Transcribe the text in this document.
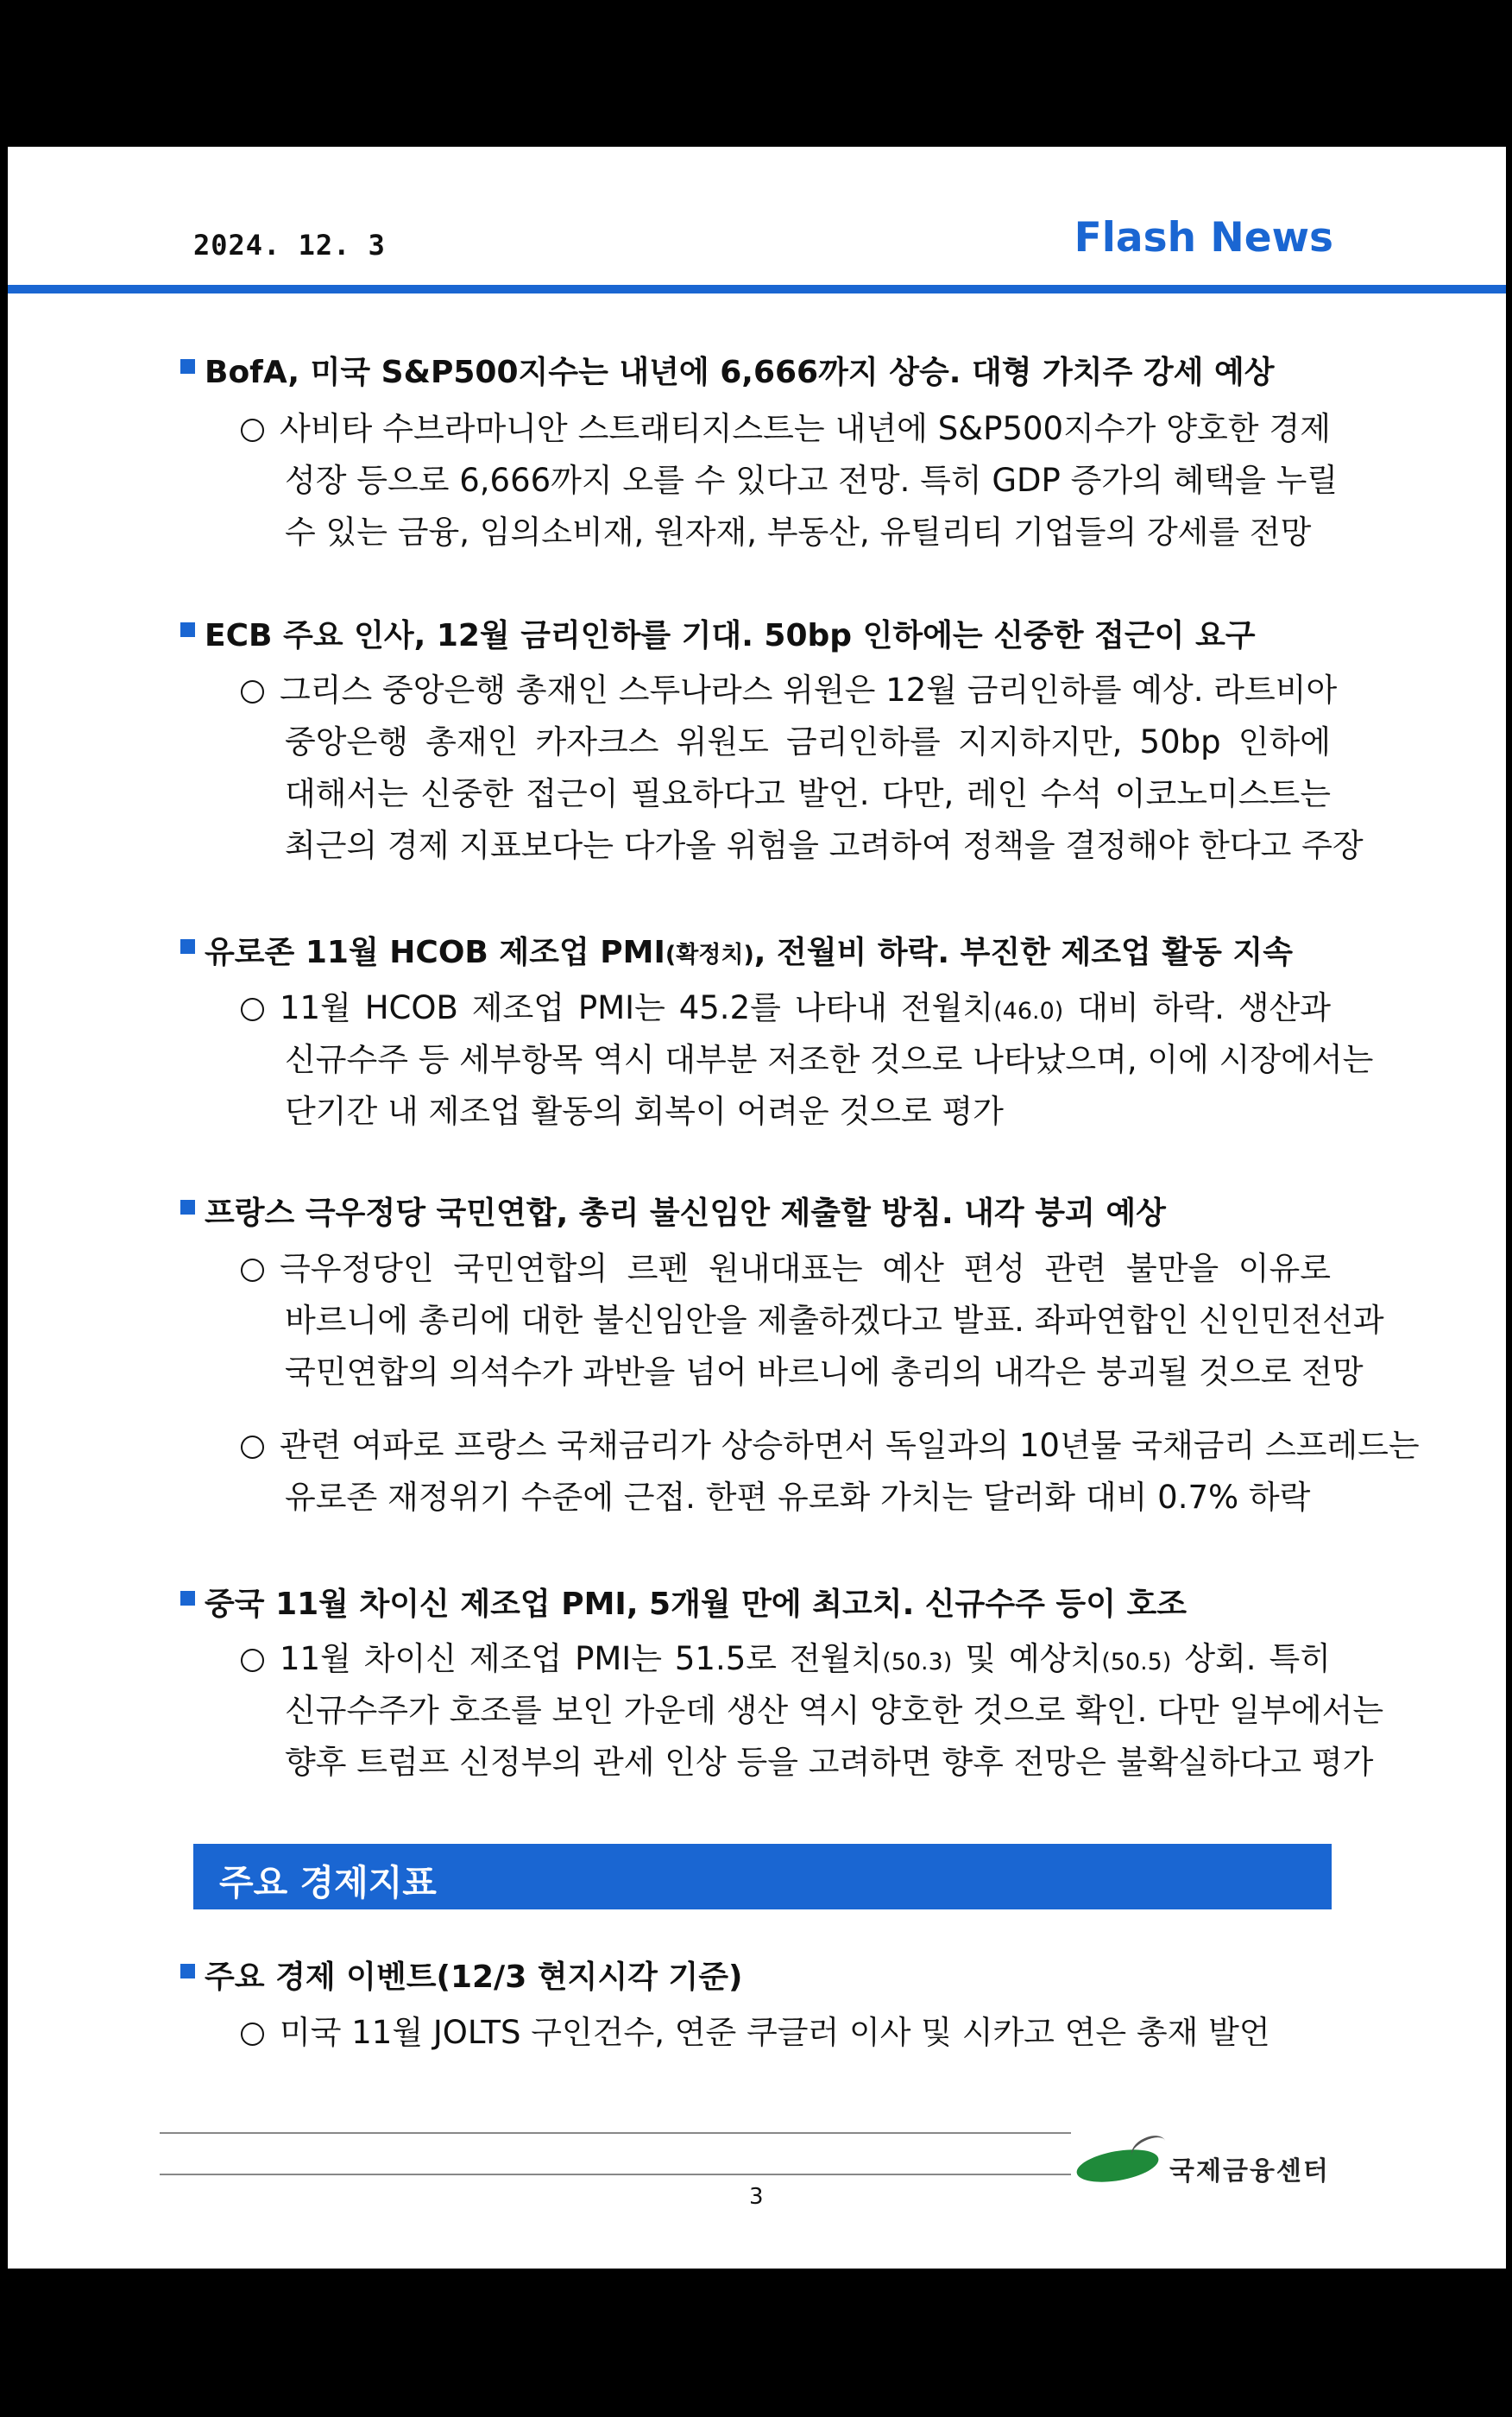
2024. 12. 3	Flash News
BofA, 미국 S&P500지수는 내년에 6,666까지 상승. 대형 가치주 강세 예상
사비타 수브라마니안 스트래티지스트는 내년에 S&P500지수가 양호한 경제
성장 등으로 6,666까지 오를 수 있다고 전망. 특히 GDP 증가의 혜택을 누릴
수 있는 금융, 임의소비재, 원자재, 부동산, 유틸리티 기업들의 강세를 전망
ECB 주요 인사, 12월 금리인하를 기대. 50bp 인하에는 신중한 접근이 요구
그리스 중앙은행 총재인 스투나라스 위원은 12월 금리인하를 예상. 라트비아
중앙은행 총재인 카자크스 위원도 금리인하를 지지하지만, 50bp 인하에
대해서는 신중한 접근이 필요하다고 발언. 다만, 레인 수석 이코노미스트는
최근의 경제 지표보다는 다가올 위험을 고려하여 정책을 결정해야 한다고 주장
유로존 11월 HCOB 제조업 PMI(확정치), 전월비 하락. 부진한 제조업 활동 지속
11월 HCOB 제조업 PMI는 45.2를 나타내 전월치(46.0) 대비 하락. 생산과
신규수주 등 세부항목 역시 대부분 저조한 것으로 나타났으며, 이에 시장에서는
단기간 내 제조업 활동의 회복이 어려운 것으로 평가
프랑스 극우정당 국민연합, 총리 불신임안 제출할 방침. 내각 붕괴 예상
극우정당인 국민연합의 르펜 원내대표는 예산 편성 관련 불만을 이유로
바르니에 총리에 대한 불신임안을 제출하겠다고 발표. 좌파연합인 신인민전선과
국민연합의 의석수가 과반을 넘어 바르니에 총리의 내각은 붕괴될 것으로 전망
관련 여파로 프랑스 국채금리가 상승하면서 독일과의 10년물 국채금리 스프레드는
유로존 재정위기 수준에 근접. 한편 유로화 가치는 달러화 대비 0.7% 하락
중국 11월 차이신 제조업 PMI, 5개월 만에 최고치. 신규수주 등이 호조
11월 차이신 제조업 PMI는 51.5로 전월치(50.3) 및 예상치(50.5) 상회. 특히
신규수주가 호조를 보인 가운데 생산 역시 양호한 것으로 확인. 다만 일부에서는
향후 트럼프 신정부의 관세 인상 등을 고려하면 향후 전망은 불확실하다고 평가
주요 경제지표
주요 경제 이벤트(12/3 현지시각 기준)
미국 11월 JOLTS 구인건수, 연준 쿠글러 이사 및 시카고 연은 총재 발언
국제금융센터
3
